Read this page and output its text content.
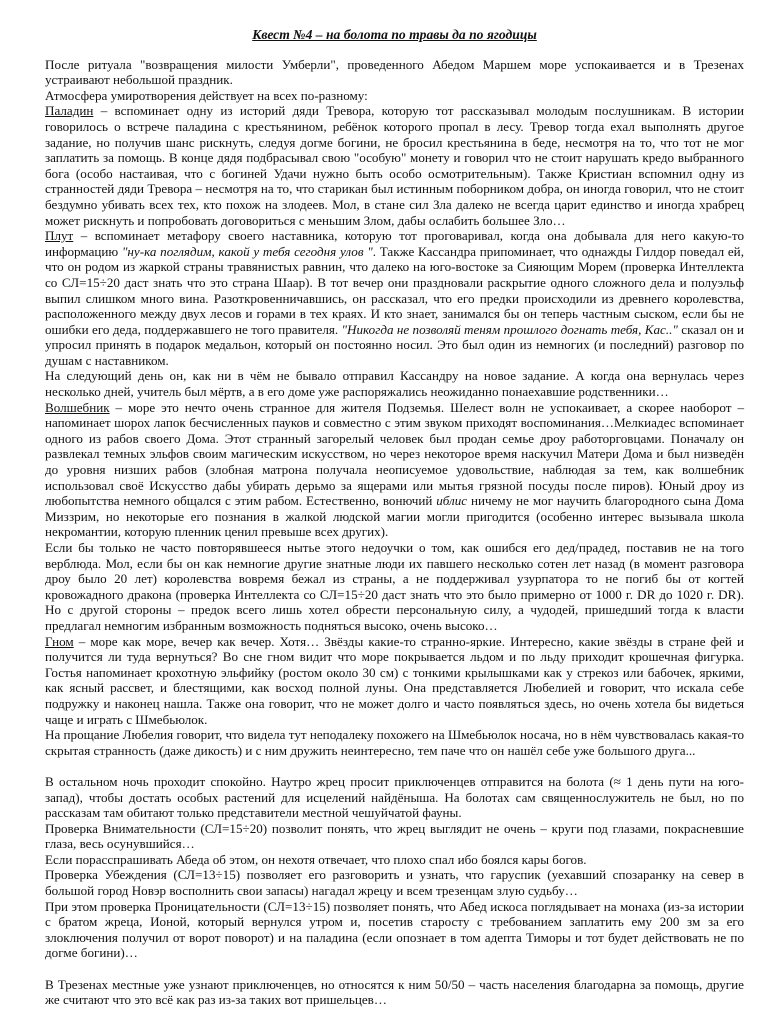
Квест №4 – на болота по травы да по ягодицы

После ритуала "возвращения милости Умберли", проведенного Абедом Маршем море успокаивается и в Трезенах устраивают небольшой праздник.

Атмосфера умиротворения действует на всех по-разному:

Паладин – вспоминает одну из историй дяди Тревора, которую тот рассказывал молодым послушникам. В истории говорилось о встрече паладина с крестьянином, ребёнок которого пропал в лесу. Тревор тогда ехал выполнять другое задание, но получив шанс рискнуть, следуя догме богини, не бросил крестьянина в беде, несмотря на то, что тот не мог заплатить за помощь. В конце дядя подбрасывал свою "особую" монету и говорил что не стоит нарушать кредо выбранного бога (особо настаивая, что с богиней Удачи нужно быть особо осмотрительным). Также Кристиан вспомнил одну из странностей дяди Тревора – несмотря на то, что старикан был истинным поборником добра, он иногда говорил, что не стоит бездумно убивать всех тех, кто похож на злодеев. Мол, в стане сил Зла далеко не всегда царит единство и иногда храбрец может рискнуть и попробовать договориться с меньшим Злом, дабы ослабить большее Зло…

Плут – вспоминает метафору своего наставника, которую тот проговаривал, когда она добывала для него какую-то информацию "ну-ка поглядим, какой у тебя сегодня улов ". Также Кассандра припоминает, что однажды Гилдор поведал ей, что он родом из жаркой страны травянистых равнин, что далеко на юго-востоке за Сияющим Морем (проверка Интеллекта со СЛ=15÷20 даст знать что это страна Шаар). В тот вечер они праздновали раскрытие одного сложного дела и полуэльф выпил слишком много вина. Разоткровенничавшись, он рассказал, что его предки происходили из древнего королевства, расположенного между двух лесов и горами в тех краях. И кто знает, занимался бы он теперь частным сыском, если бы не ошибки его деда, поддержавшего не того правителя. "Никогда не позволяй теням прошлого догнать тебя, Кас.." сказал он и упросил принять в подарок медальон, который он постоянно носил. Это был один из немногих (и последний) разговор по душам с наставником.

На следующий день он, как ни в чём не бывало отправил Кассандру на новое задание. А когда она вернулась через несколько дней, учитель был мёртв, а в его доме уже распоряжались неожиданно понаехавшие родственники…

Волшебник – море это нечто очень странное для жителя Подземья. Шелест волн не успокаивает, а скорее наоборот – напоминает шорох лапок бесчисленных пауков и совместно с этим звуком приходят воспоминания…Мелкиадес вспоминает одного из рабов своего Дома. Этот странный загорелый человек был продан семье дроу работорговцами. Поначалу он развлекал темных эльфов своим магическим искусством, но через некоторое время наскучил Матери Дома и был низведён до уровня низших рабов (злобная матрона получала неописуемое удовольствие, наблюдая за тем, как волшебник использовал своё Искусство дабы убирать дерьмо за ящерами или мытья грязной посуды после пиров). Юный дроу из любопытства немного общался с этим рабом. Естественно, вонючий иблис ничему не мог научить благородного сына Дома Миззрим, но некоторые его познания в жалкой людской магии могли пригодится (особенно интерес вызывала школа некромантии, которую пленник ценил превыше всех других).

Если бы только не часто повторявшееся нытье этого недоучки о том, как ошибся его дед/прадед, поставив не на того верблюда. Мол, если бы он как немногие другие знатные люди их павшего несколько сотен лет назад (в момент разговора дроу было 20 лет) королевства вовремя бежал из страны, а не поддерживал узурпатора то не погиб бы от когтей кровожадного дракона (проверка Интеллекта со СЛ=15÷20 даст знать что это было примерно от 1000 г. DR до 1020 г. DR). Но с другой стороны – предок всего лишь хотел обрести персональную силу, а чудодей, пришедший тогда к власти предлагал немногим избранным возможность подняться высоко, очень высоко…

Гном – море как море, вечер как вечер. Хотя… Звёзды какие-то странно-яркие. Интересно, какие звёзды в стране фей и получится ли туда вернуться? Во сне гном видит что море покрывается льдом и по льду приходит крошечная фигурка. Гостья напоминает крохотную эльфийку (ростом около 30 см) с тонкими крылышками как у стрекоз или бабочек, яркими, как ясный рассвет, и блестящими, как восход полной луны. Она представляется Любелией и говорит, что искала себе подружку и наконец нашла. Также она говорит, что не может долго и часто появляться здесь, но очень хотела бы видеться чаще и играть с Шмебьюлок.

На прощание Любелия говорит, что видела тут неподалеку похожего на Шмебьюлок носача, но в нём чувствовалась какая-то скрытая странность (даже дикость) и с ним дружить неинтересно, тем паче что он нашёл себе уже большого друга...

В остальном ночь проходит спокойно. Наутро жрец просит приключенцев отправится на болота (≈ 1 день пути на юго-запад), чтобы достать особых растений для исцелений найдёныша. На болотах сам священнослужитель не был, но по рассказам там обитают только представители местной чешуйчатой фауны.

Проверка Внимательности (СЛ=15÷20) позволит понять, что жрец выглядит не очень – круги под глазами, покрасневшие глаза, весь осунувшийся…

Если порасспрашивать Абеда об этом, он нехотя отвечает, что плохо спал ибо боялся кары богов.

Проверка Убеждения (СЛ=13÷15) позволяет его разговорить и узнать, что гаруспик (уехавший спозаранку на север в большой город Новэр восполнить свои запасы) нагадал жрецу и всем трезенцам злую судьбу…

При этом проверка Проницательности (СЛ=13÷15) позволяет понять, что Абед искоса поглядывает на монаха (из-за истории с братом жреца, Ионой, который вернулся утром и, посетив старосту с требованием заплатить ему 200 зм за его злоключения получил от ворот поворот) и на паладина (если опознает в том адепта Тиморы и тот будет действовать не по догме богини)…

В Трезенах местные уже узнают приключенцев, но относятся к ним 50/50 – часть населения благодарна за помощь, другие же считают что это всё как раз из-за таких вот пришельцев…
